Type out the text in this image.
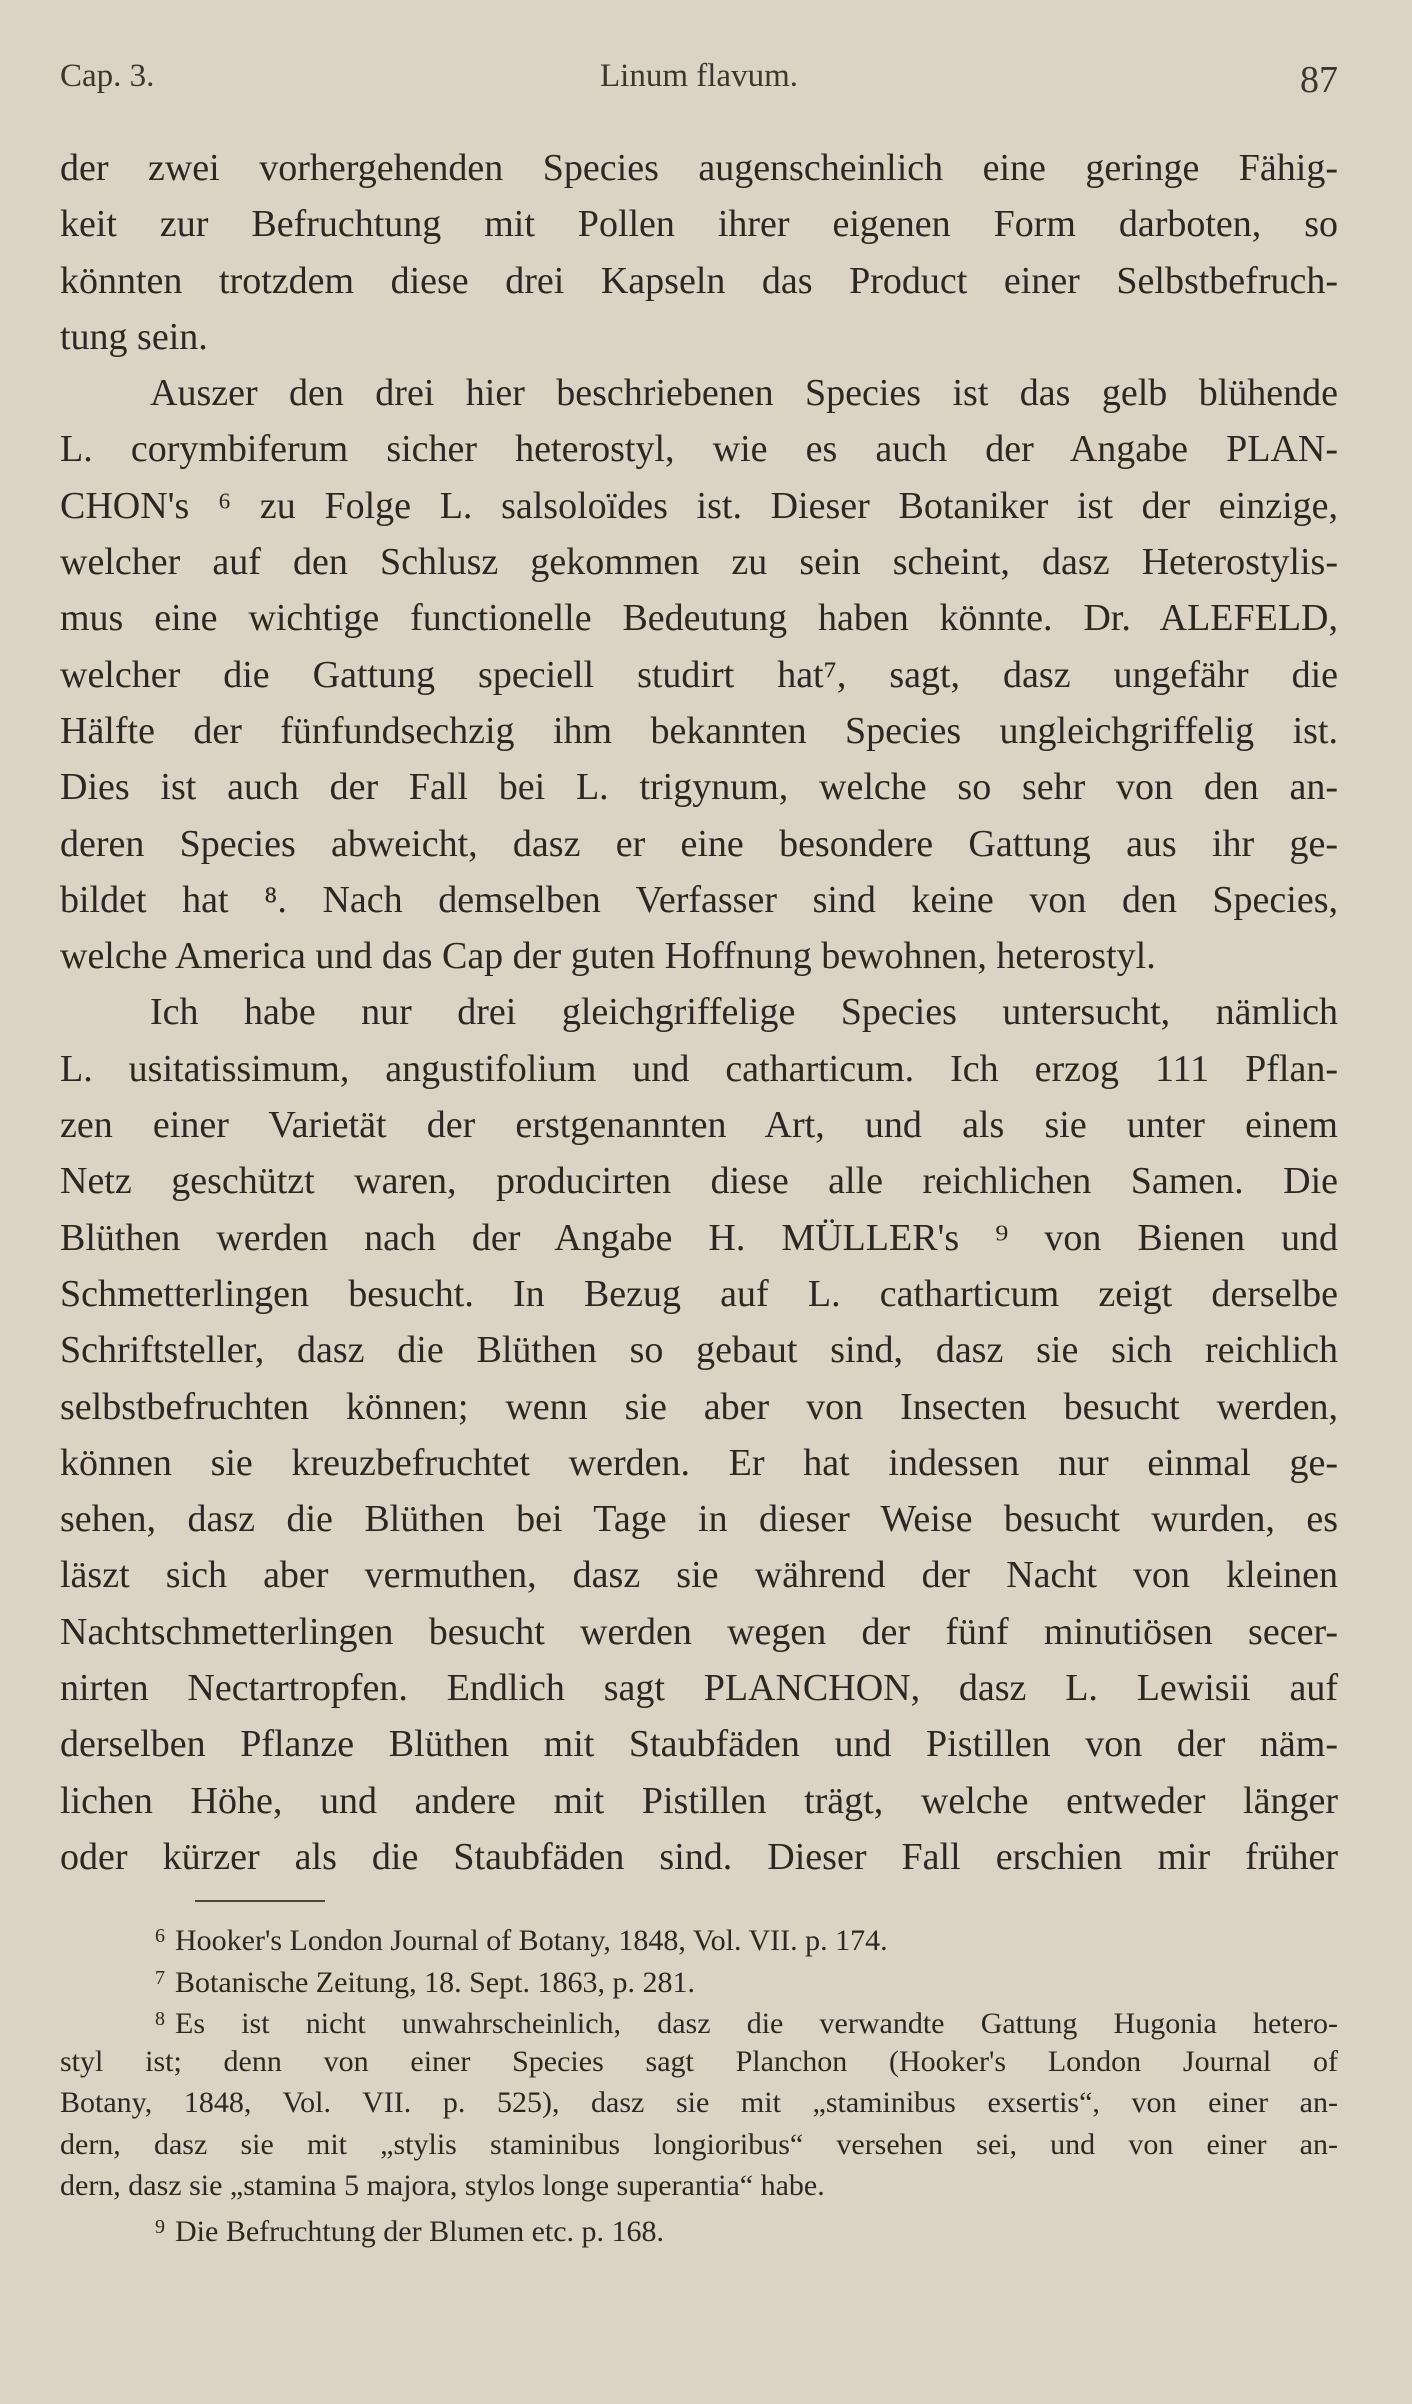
Cap. 3.	Linum flavum.	87
der zwei vorhergehenden Species augenscheinlich eine geringe Fähig-
keit zur Befruchtung mit Pollen ihrer eigenen Form darboten, so
könnten trotzdem diese drei Kapseln das Product einer Selbstbefruch-
tung sein.
Auszer den drei hier beschriebenen Species ist das gelb blühende
L. corymbiferum sicher heterostyl, wie es auch der Angabe PLAN-
CHON's ⁶ zu Folge L. salsoloïdes ist. Dieser Botaniker ist der einzige,
welcher auf den Schlusz gekommen zu sein scheint, dasz Heterostylis-
mus eine wichtige functionelle Bedeutung haben könnte. Dr. ALEFELD,
welcher die Gattung speciell studirt hat⁷, sagt, dasz ungefähr die
Hälfte der fünfundsechzig ihm bekannten Species ungleichgriffelig ist.
Dies ist auch der Fall bei L. trigynum, welche so sehr von den an-
deren Species abweicht, dasz er eine besondere Gattung aus ihr ge-
bildet hat ⁸. Nach demselben Verfasser sind keine von den Species,
welche America und das Cap der guten Hoffnung bewohnen, heterostyl.
Ich habe nur drei gleichgriffelige Species untersucht, nämlich
L. usitatissimum, angustifolium und catharticum. Ich erzog 111 Pflan-
zen einer Varietät der erstgenannten Art, und als sie unter einem
Netz geschützt waren, producirten diese alle reichlichen Samen. Die
Blüthen werden nach der Angabe H. MÜLLER's ⁹ von Bienen und
Schmetterlingen besucht. In Bezug auf L. catharticum zeigt derselbe
Schriftsteller, dasz die Blüthen so gebaut sind, dasz sie sich reichlich
selbstbefruchten können; wenn sie aber von Insecten besucht werden,
können sie kreuzbefruchtet werden. Er hat indessen nur einmal ge-
sehen, dasz die Blüthen bei Tage in dieser Weise besucht wurden, es
läszt sich aber vermuthen, dasz sie während der Nacht von kleinen
Nachtschmetterlingen besucht werden wegen der fünf minutiösen secer-
nirten Nectartropfen. Endlich sagt PLANCHON, dasz L. Lewisii auf
derselben Pflanze Blüthen mit Staubfäden und Pistillen von der näm-
lichen Höhe, und andere mit Pistillen trägt, welche entweder länger
oder kürzer als die Staubfäden sind. Dieser Fall erschien mir früher
$^6$ Hooker's London Journal of Botany, 1848, Vol. VII. p. 174.
$^7$ Botanische Zeitung, 18. Sept. 1863, p. 281.
$^8$ Es ist nicht unwahrscheinlich, dasz die verwandte Gattung Hugonia hetero-
styl ist; denn von einer Species sagt Planchon (Hooker's London Journal of
Botany, 1848, Vol. VII. p. 525), dasz sie mit „staminibus exsertis“, von einer an-
dern, dasz sie mit „stylis staminibus longioribus“ versehen sei, und von einer an-
dern, dasz sie „stamina 5 majora, stylos longe superantia“ habe.
$^9$ Die Befruchtung der Blumen etc. p. 168.
